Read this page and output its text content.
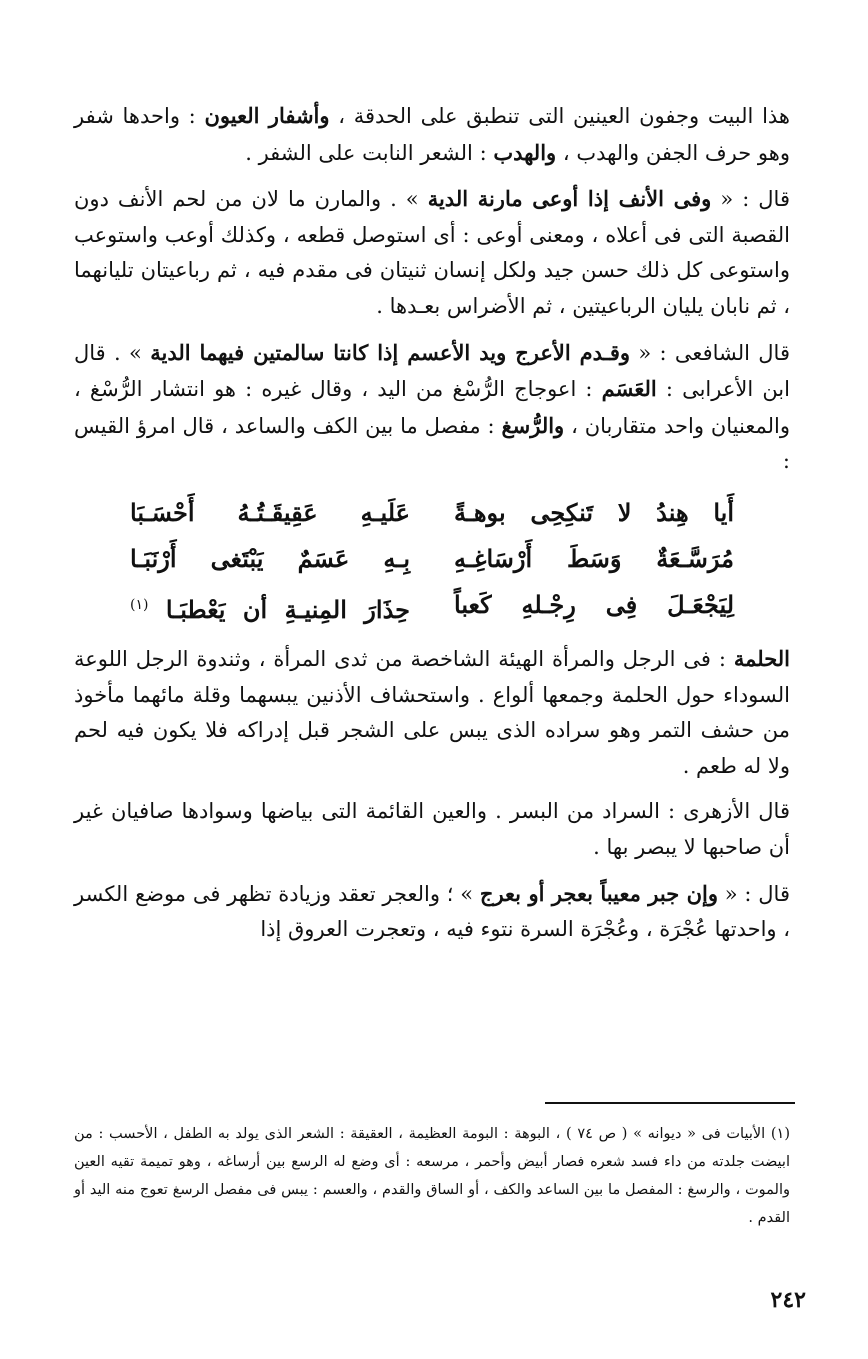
هذا البيت وجفون العينين التى تنطبق على الحدقة ، وأشفار العيون : واحدها شفر وهو حرف الجفن والهدب ، والهدب : الشعر النابت على الشفر .

قال : « وفى الأنف إذا أوعى مارنة الدية » . والمارن ما لان من لحم الأنف دون القصبة التى فى أعلاه ، ومعنى أوعى : أى استوصل قطعه ، وكذلك أوعب واستوعب واستوعى كل ذلك حسن جيد ولكل إنسان ثنيتان فى مقدم فيه ، ثم رباعيتان تليانهما ، ثم نابان يليان الرباعيتين ، ثم الأضراس بعـدها .

قال الشافعى : « وقـدم الأعرج ويد الأعسم إذا كانتا سالمتين فيهما الدية » . قال ابن الأعرابى : العَسَم : اعوجاج الرُّسْغ من اليد ، وقال غيره : هو انتشار الرُّسْغ ، والمعنيان واحد متقاربان ، والرُّسغ : مفصل ما بين الكف والساعد ، قال امرؤ القيس :

أَيا هِندُ لا تَنكِحِى بوهـةً
عَلَيـهِ عَقِيقَـتُـهُ أَحْسَـبَا
مُرَسَّـعَةٌ وَسَطَ أَرْسَاغِـهِ
بِـهِ عَسَمٌ يَبْتَغى أَرْنَبَـا
لِيَجْعَـلَ فِى رِجْـلهِ كَعباً
حِذَارَ المِنيـةِ أن يَعْطبَـا $^{(١)}$

الحلمة : فى الرجل والمرأة الهيئة الشاخصة من ثدى المرأة ، وثندوة الرجل اللوعة السوداء حول الحلمة وجمعها ألواع . واستحشاف الأذنين يبسهما وقلة مائهما مأخوذ من حشف التمر وهو سراده الذى يبس على الشجر قبل إدراكه فلا يكون فيه لحم ولا له طعم .

قال الأزهرى : السراد من البسر . والعين القائمة التى بياضها وسوادها صافيان غير أن صاحبها لا يبصر بها .

قال : « وإن جبر معيباً بعجر أو بعرج » ؛ والعجر تعقد وزيادة تظهر فى موضع الكسر ، واحدتها عُجْرَة ، وعُجْرَة السرة نتوء فيه ، وتعجرت العروق إذا

(١) الأبيات فى « ديوانه » ( ص ٧٤ ) ، البوهة : البومة العظيمة ، العقيقة : الشعر الذى يولد به الطفل ، الأحسب : من ابيضت جلدته من داء فسد شعره فصار أبيض وأحمر ، مرسعه : أى وضع له الرسع بين أرساغه ، وهو تميمة تقيه العين والموت ، والرسغ : المفصل ما بين الساعد والكف ، أو الساق والقدم ، والعسم : يبس فى مفصل الرسغ تعوج منه اليد أو القدم .

٢٤٢
